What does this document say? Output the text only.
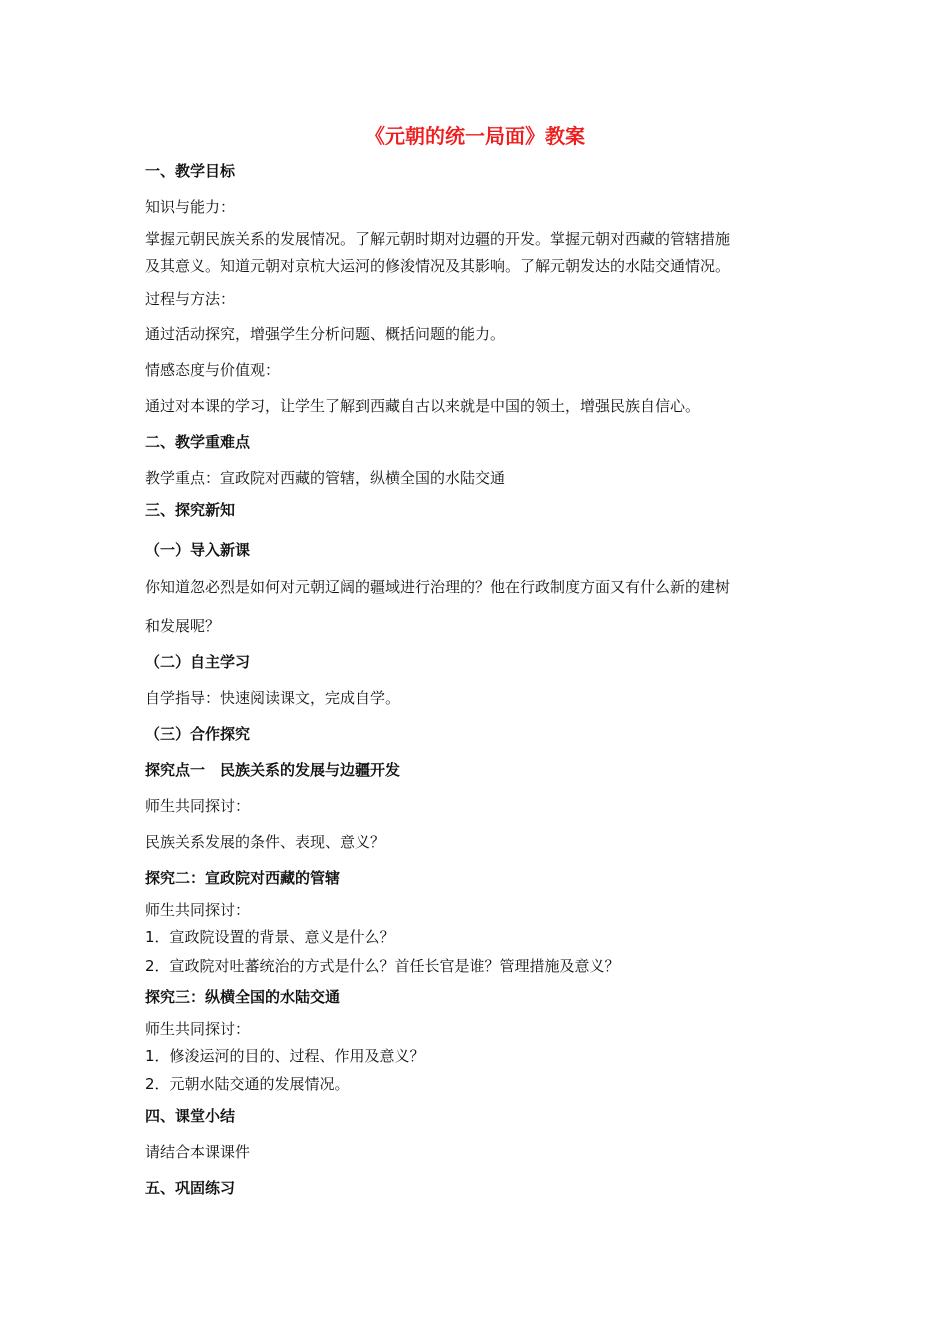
《元朝的统一局面》教案
一、教学目标
知识与能力：
掌握元朝民族关系的发展情况。了解元朝时期对边疆的开发。掌握元朝对西藏的管辖措施
及其意义。知道元朝对京杭大运河的修浚情况及其影响。了解元朝发达的水陆交通情况。
过程与方法：
通过活动探究，增强学生分析问题、概括问题的能力。
情感态度与价值观：
通过对本课的学习，让学生了解到西藏自古以来就是中国的领土，增强民族自信心。
二、教学重难点
教学重点：宣政院对西藏的管辖，纵横全国的水陆交通
三、探究新知
（一）导入新课
你知道忽必烈是如何对元朝辽阔的疆域进行治理的？他在行政制度方面又有什么新的建树
和发展呢？
（二）自主学习
自学指导：快速阅读课文，完成自学。
（三）合作探究
探究点一　民族关系的发展与边疆开发
师生共同探讨：
民族关系发展的条件、表现、意义？
探究二：宣政院对西藏的管辖
师生共同探讨：
1．宣政院设置的背景、意义是什么？
2．宣政院对吐蕃统治的方式是什么？首任长官是谁？管理措施及意义？
探究三：纵横全国的水陆交通
师生共同探讨：
1．修浚运河的目的、过程、作用及意义？
2．元朝水陆交通的发展情况。
四、课堂小结
请结合本课课件
五、巩固练习
